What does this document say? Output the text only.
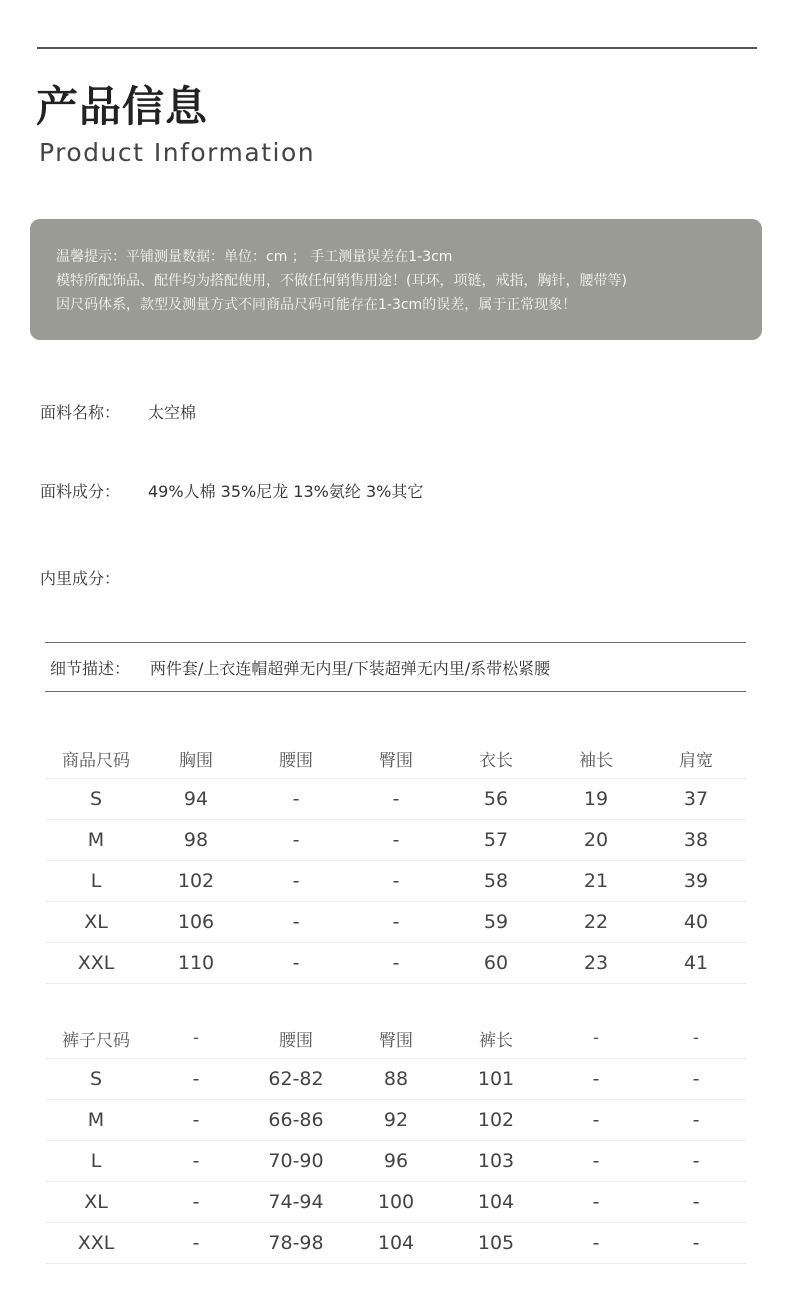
产品信息
Product Information

温馨提示：平铺测量数据：单位：cm ； 手工测量误差在1-3cm

模特所配饰品、配件均为搭配使用，不做任何销售用途！(耳环，项链，戒指，胸针，腰带等)

因尺码体系，款型及测量方式不同商品尺码可能存在1-3cm的误差，属于正常现象！

面料名称： 太空棉
面料成分： 49%人棉 35%尼龙 13%氨纶 3%其它
内里成分：
细节描述： 两件套/上衣连帽超弹无内里/下装超弹无内里/系带松紧腰
商品尺码	胸围	腰围	臀围	衣长	袖长	肩宽
S	94	-	-	56	19	37
M	98	-	-	57	20	38
L	102	-	-	58	21	39
XL	106	-	-	59	22	40
XXL	110	-	-	60	23	41
裤子尺码	-	腰围	臀围	裤长	-	-
S	-	62-82	88	101	-	-
M	-	66-86	92	102	-	-
L	-	70-90	96	103	-	-
XL	-	74-94	100	104	-	-
XXL	-	78-98	104	105	-	-
